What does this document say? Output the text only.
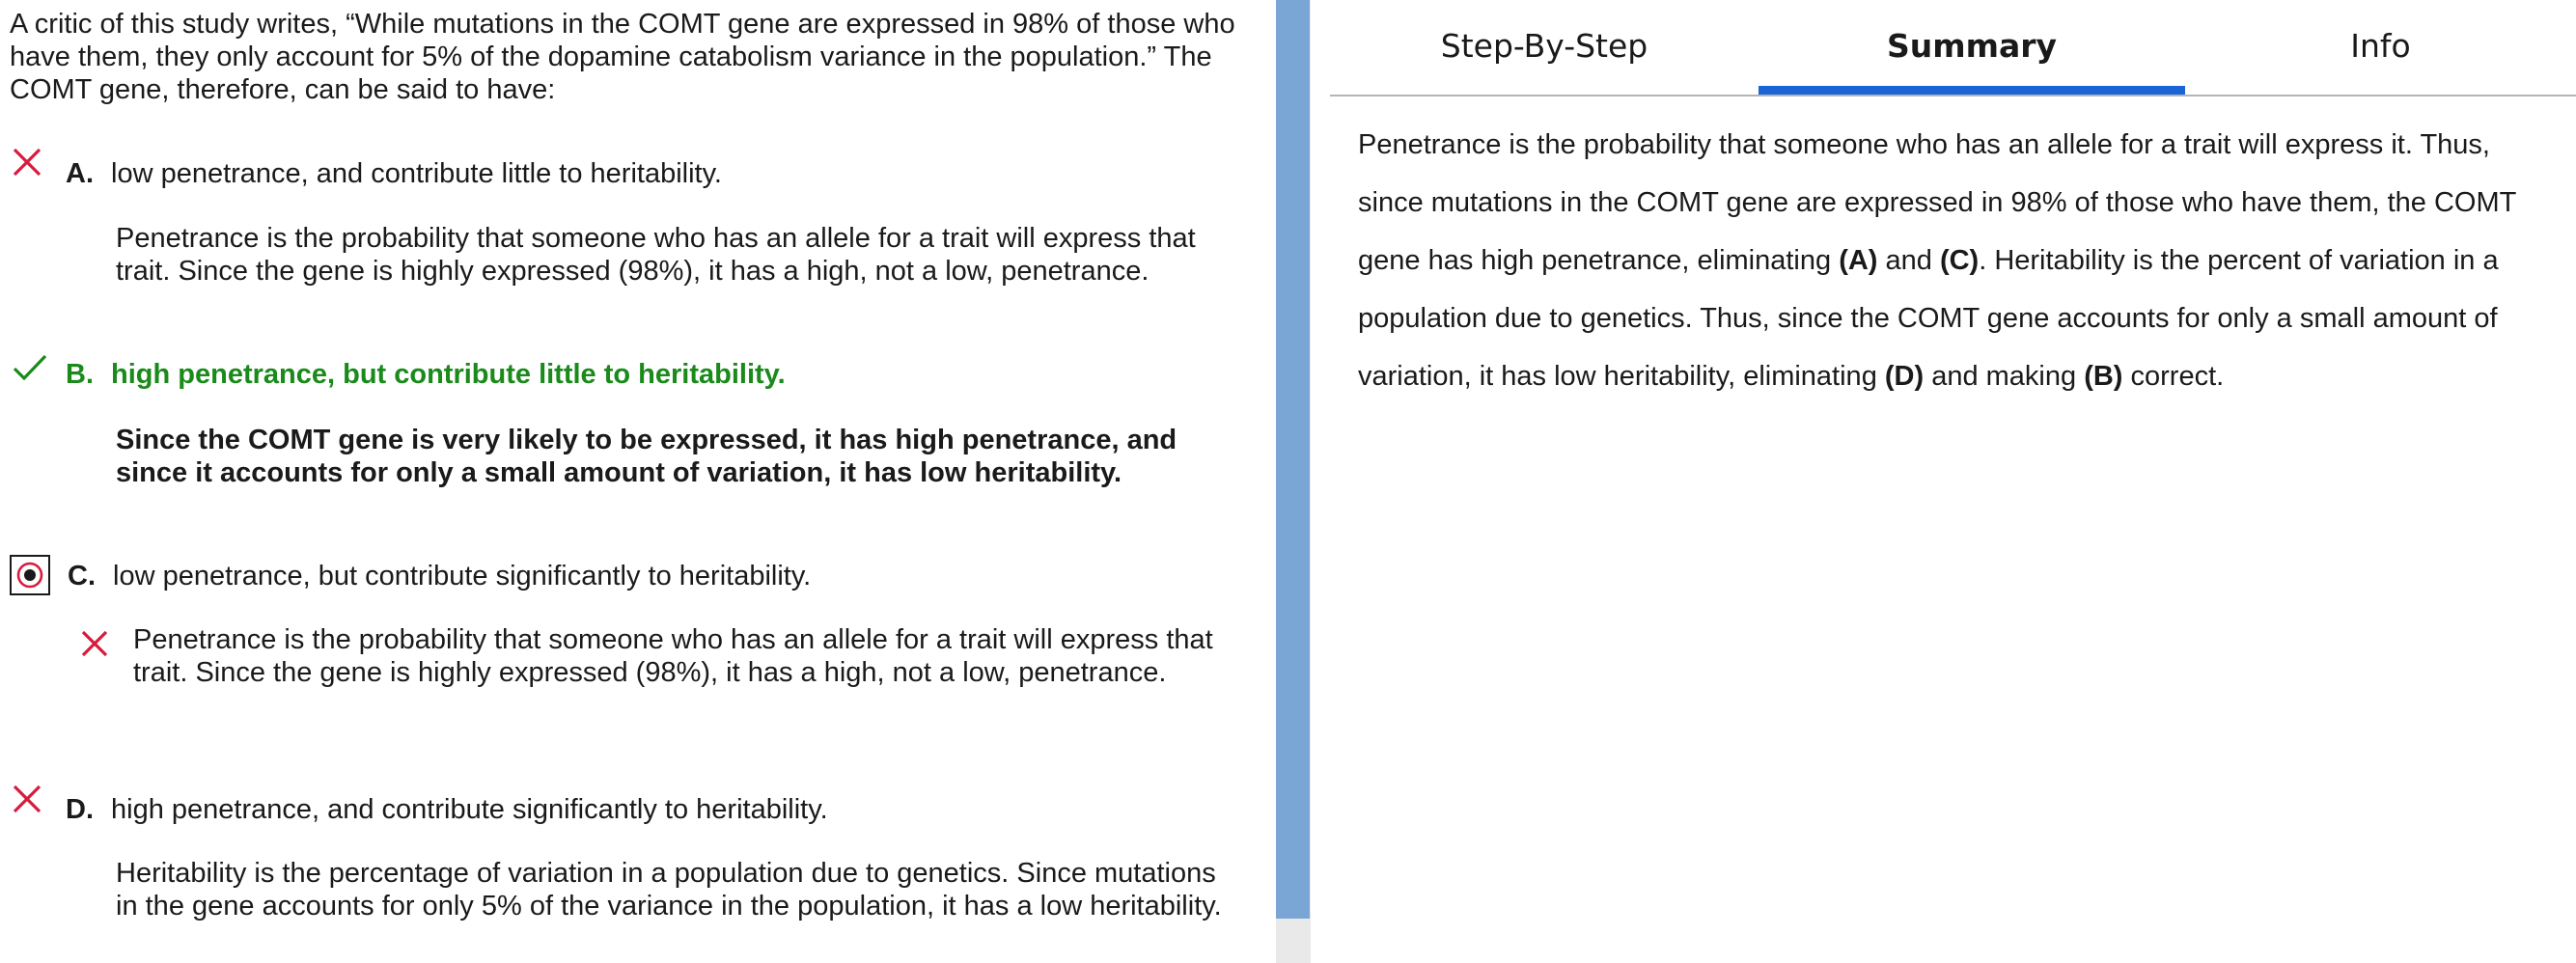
A critic of this study writes, “While mutations in the COMT gene are expressed in 98% of those who have them, they only account for 5% of the dopamine catabolism variance in the population.” The COMT gene, therefore, can be said to have:
A. low penetrance, and contribute little to heritability.
Penetrance is the probability that someone who has an allele for a trait will express that trait. Since the gene is highly expressed (98%), it has a high, not a low, penetrance.
B. high penetrance, but contribute little to heritability.
Since the COMT gene is very likely to be expressed, it has high penetrance, and since it accounts for only a small amount of variation, it has low heritability.
C. low penetrance, but contribute significantly to heritability.
Penetrance is the probability that someone who has an allele for a trait will express that trait. Since the gene is highly expressed (98%), it has a high, not a low, penetrance.
D. high penetrance, and contribute significantly to heritability.
Heritability is the percentage of variation in a population due to genetics. Since mutations in the gene accounts for only 5% of the variance in the population, it has a low heritability.
Step-By-Step	Summary	Info
Penetrance is the probability that someone who has an allele for a trait will express it. Thus, since mutations in the COMT gene are expressed in 98% of those who have them, the COMT gene has high penetrance, eliminating (A) and (C). Heritability is the percent of variation in a population due to genetics. Thus, since the COMT gene accounts for only a small amount of variation, it has low heritability, eliminating (D) and making (B) correct.
